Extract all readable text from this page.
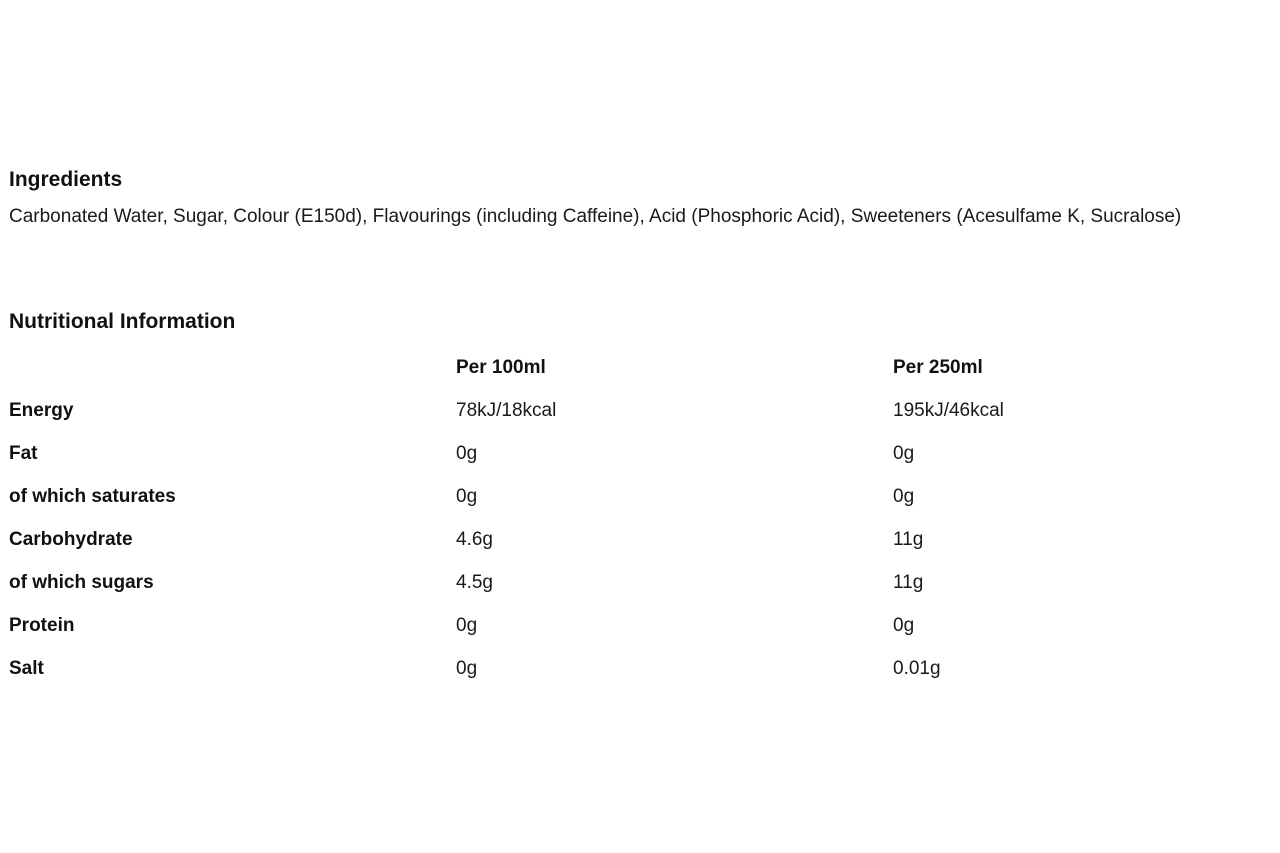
Ingredients

Carbonated Water, Sugar, Colour (E150d), Flavourings (including Caffeine), Acid (Phosphoric Acid), Sweeteners (Acesulfame K, Sucralose)

Nutritional Information
	Per 100ml	Per 250ml
Energy	78kJ/18kcal	195kJ/46kcal
Fat	0g	0g
of which saturates	0g	0g
Carbohydrate	4.6g	11g
of which sugars	4.5g	11g
Protein	0g	0g
Salt	0g	0.01g
